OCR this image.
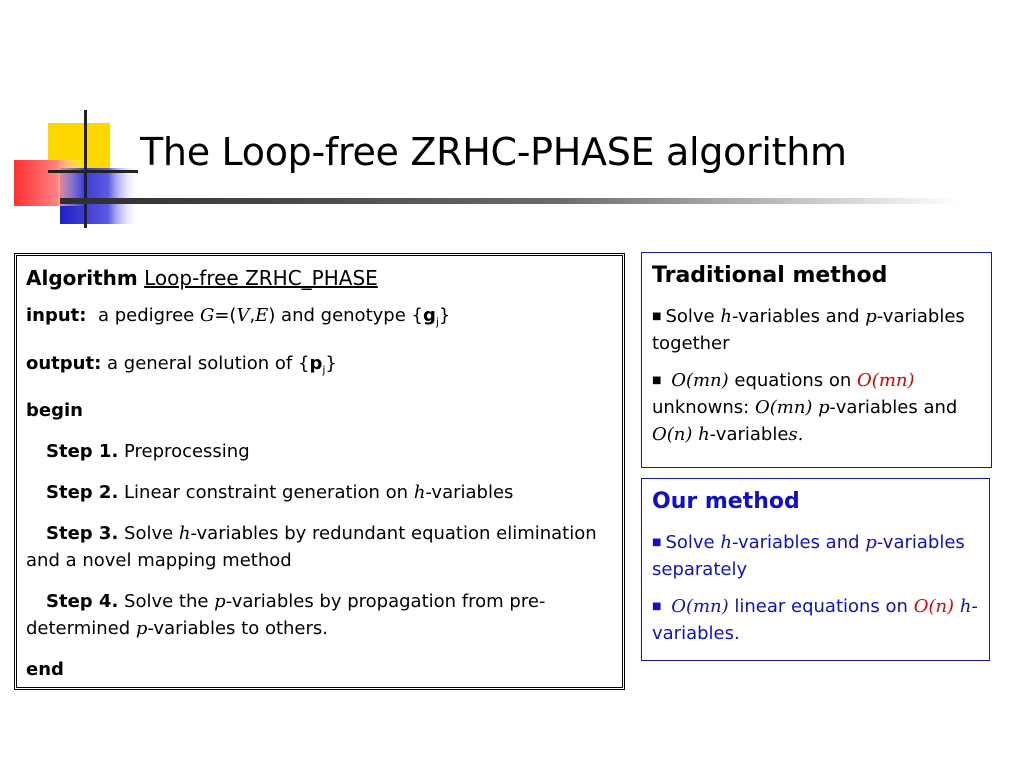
The Loop-free ZRHC-PHASE algorithm

Algorithm Loop-free ZRHC_PHASE

input: a pedigree G=(V,E) and genotype $\{g_j\}$

output: a general solution of $\{p_j\}$

begin

Step 1. Preprocessing

Step 2. Linear constraint generation on h-variables

Step 3. Solve h-variables by redundant equation elimination and a novel mapping method

Step 4. Solve the p-variables by propagation from pre-determined p-variables to others.

end

Traditional method

■ Solve h-variables and p-variables together

■ O(mn) equations on O(mn) unknowns: O(mn) p-variables and O(n) h-variables.

Our method

■ Solve h-variables and p-variables separately

■ O(mn) linear equations on O(n) h-variables.
